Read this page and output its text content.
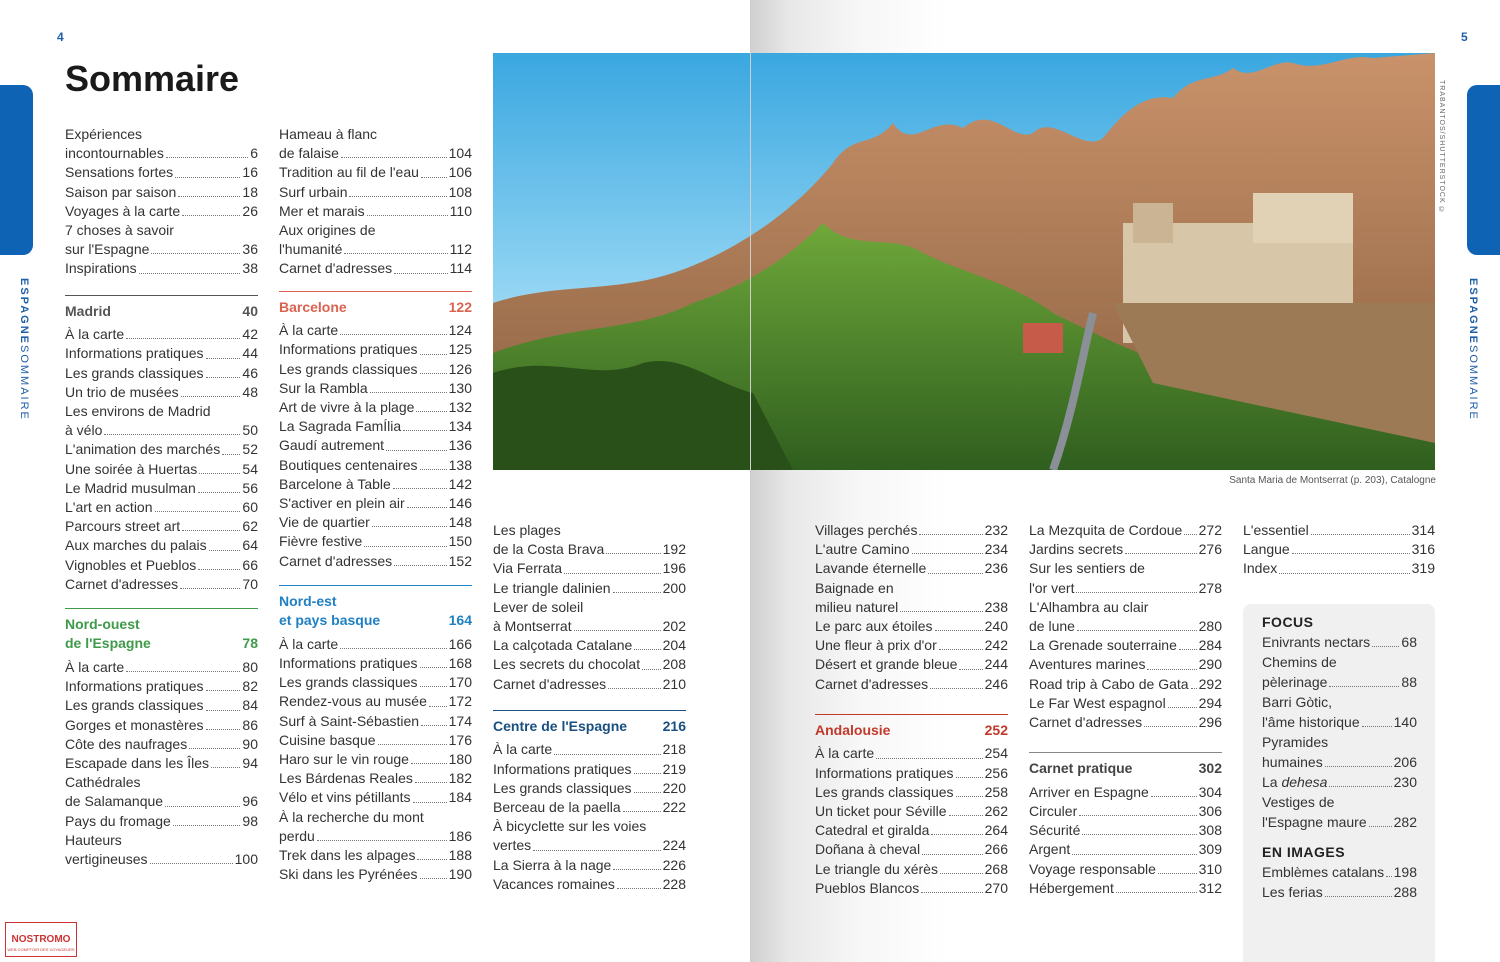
4
ESPAGNESOMMAIRE
Sommaire
Expériences
incontournables	6
Sensations fortes	16
Saison par saison	18
Voyages à la carte	26
7 choses à savoir
sur l'Espagne	36
Inspirations	38
Madrid	40
À la carte	42
Informations pratiques	44
Les grands classiques	46
Un trio de musées	48
Les environs de Madrid
à vélo	50
L'animation des marchés 52
Une soirée à Huertas	54
Le Madrid musulman	56
L'art en action	60
Parcours street art	62
Aux marches du palais	64
Vignobles et Pueblos	66
Carnet d'adresses	70
Nord-ouest
de l'Espagne	78
À la carte	80
Informations pratiques	82
Les grands classiques	84
Gorges et monastères	86
Côte des naufrages	90
Escapade dans les Îles 94
Cathédrales
de Salamanque	96
Pays du fromage	98
Hauteurs
vertigineuses	100
Hameau à flanc
de falaise	104
Tradition au fil de l'eau 106
Surf urbain	108
Mer et marais	110
Aux origines de
l'humanité	112
Carnet d'adresses	114
Barcelone	122
À la carte	124
Informations pratiques 125
Les grands classiques 126
Sur la Rambla	130
Art de vivre à la plage 132
La Sagrada FamÍlia	134
Gaudí autrement	136
Boutiques centenaires 138
Barcelone à Table	142
S'activer en plein air	146
Vie de quartier	148
Fièvre festive	150
Carnet d'adresses	152
Nord-est
et pays basque	164
À la carte	166
Informations pratiques 168
Les grands classiques 170
Rendez-vous au musée 172
Surf à Saint-Sébastien 174
Cuisine basque	176
Haro sur le vin rouge	180
Les Bárdenas Reales	182
Vélo et vins pétillants	184
À la recherche du mont
perdu	186
Trek dans les alpages 188
Ski dans les Pyrénées 190
Les plages
de la Costa Brava	192
Via Ferrata	196
Le triangle dalinien	200
Lever de soleil
à Montserrat	202
La calçotada Catalane 204
Les secrets du chocolat 208
Carnet d'adresses	210
Centre de l'Espagne	216
À la carte	218
Informations pratiques 219
Les grands classiques 220
Berceau de la paella	222
À bicyclette sur les voies
vertes	224
La Sierra à la nage	226
Vacances romaines	228
NOSTROMO
WEB COMPTOIR DES VOYAGEURS
Santa Maria de Montserrat (p. 203), Catalogne
TRABANTOS/SHUTTERSTOCK ©
5
ESPAGNESOMMAIRE
Villages perchés	232
L'autre Camino	234
Lavande éternelle	236
Baignade en
milieu naturel	238
Le parc aux étoiles	240
Une fleur à prix d'or	242
Désert et grande bleue 244
Carnet d'adresses	246
Andalousie	252
À la carte	254
Informations pratiques 256
Les grands classiques 258
Un ticket pour Séville	262
Catedral et giralda	264
Doñana à cheval	266
Le triangle du xérès	268
Pueblos Blancos	270
La Mezquita de Cordoue 272
Jardins secrets	276
Sur les sentiers de
l'or vert	278
L'Alhambra au clair
de lune	280
La Grenade souterraine 284
Aventures marines	290
Road trip à Cabo de Gata 292
Le Far West espagnol 294
Carnet d'adresses	296
Carnet pratique	302
Arriver en Espagne	304
Circuler	306
Sécurité	308
Argent	309
Voyage responsable	310
Hébergement	312
L'essentiel	314
Langue	316
Index	319
FOCUS
Enivrants nectars 68
Chemins de
pèlerinage	88
Barri Gòtic,
l'âme historique 140
Pyramides
humaines	206
La dehesa	230
Vestiges de
l'Espagne maure 282
EN IMAGES
Emblèmes catalans 198
Les ferias	288
